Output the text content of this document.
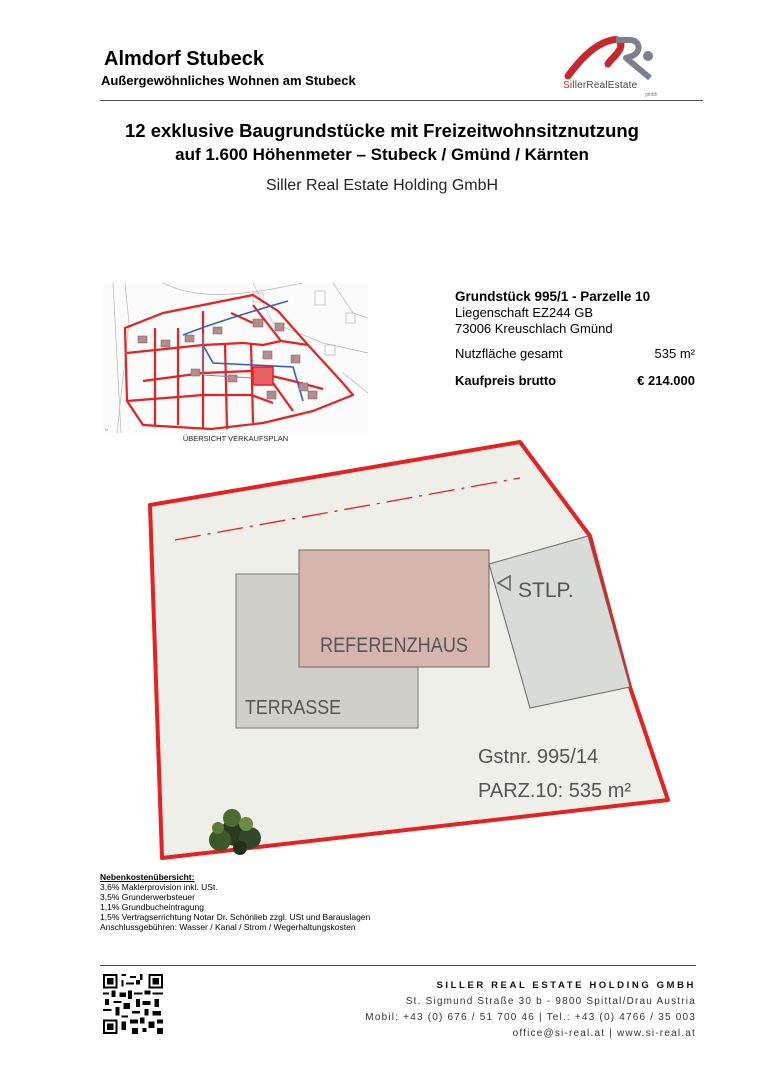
Almdorf Stubeck
Außergewöhnliches Wohnen am Stubeck	SillerRealEstate
gmbh
12 exklusive Baugrundstücke mit Freizeitwohnsitznutzung
auf 1.600 Höhenmeter – Stubeck / Gmünd / Kärnten
Siller Real Estate Holding GmbH
N
ÜBERSICHT VERKAUFSPLAN
Grundstück 995/1 - Parzelle 10
Liegenschaft EZ244 GB
73006 Kreuschlach Gmünd
Nutzfläche gesamt	535 m²
Kaufpreis brutto	€ 214.000
REFERENZHAUS
TERRASSE
STLP.
Gstnr. 995/14
PARZ.10: 535 m²
Nebenkostenübersicht:
3,6% Maklerprovision inkl. USt.
3,5% Grunderwerbsteuer
1,1% Grundbucheintragung
1,5% Vertragserrichtung Notar Dr. Schönlieb zzgl. USt und Barauslagen
Anschlussgebühren: Wasser / Kanal / Strom / Wegerhaltungskosten
SILLER REAL ESTATE HOLDING GMBH
St. Sigmund Straße 30 b - 9800 Spittal/Drau Austria
Mobil: +43 (0) 676 / 51 700 46 | Tel.: +43 (0) 4766 / 35 003
office@si-real.at | www.si-real.at
